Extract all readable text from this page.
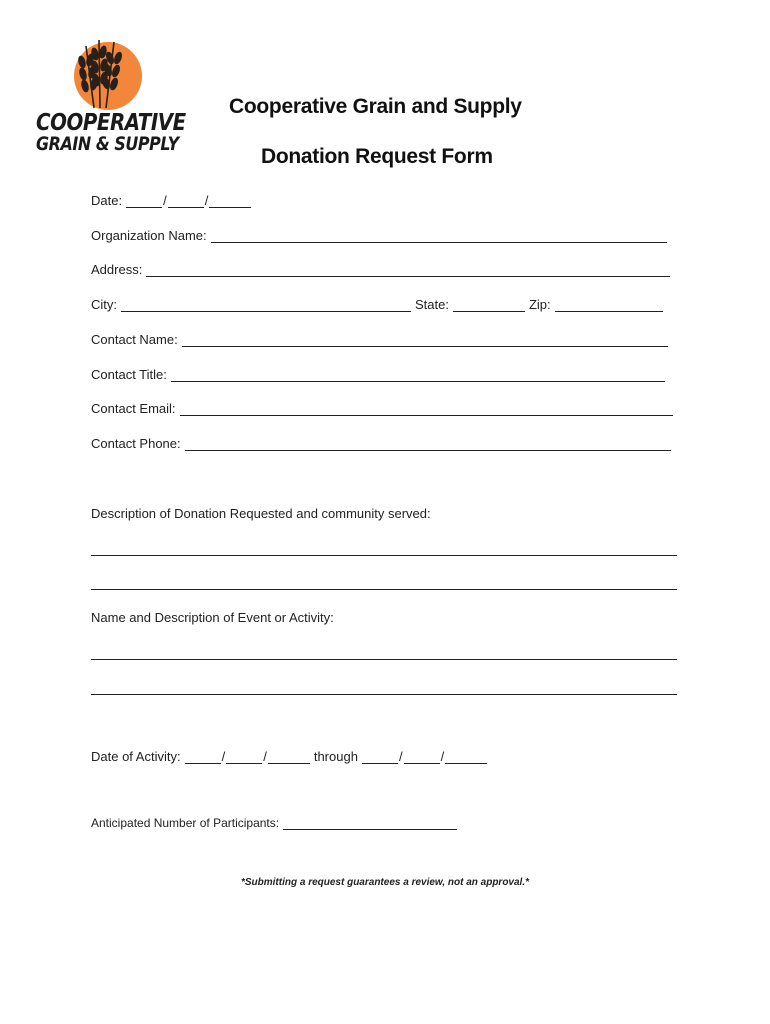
COOPERATIVE
GRAIN & SUPPLY
Cooperative Grain and Supply
Donation Request Form
Date:	/	/
Organization Name:
Address:
City:	State:	Zip:
Contact Name:
Contact Title:
Contact Email:
Contact Phone:
Description of Donation Requested and community served:
Name and Description of Event or Activity:
Date of Activity:	/	/	through	/	/
Anticipated Number of Participants:
*Submitting a request guarantees a review, not an approval.*
